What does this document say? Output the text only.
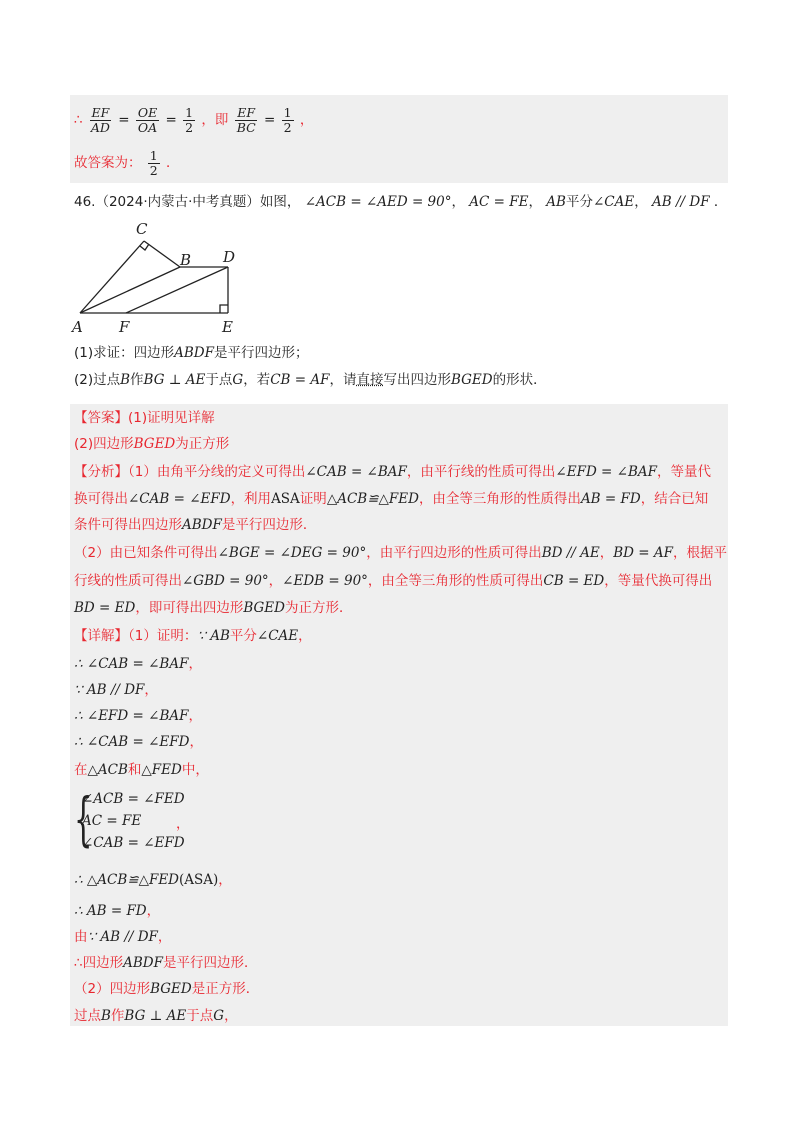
∴ $\frac{EF}{AD} = \frac{OE}{OA} = \frac{1}{2}$ ，即 $\frac{EF}{BC} = \frac{1}{2}$ ，
故答案为： $\frac{1}{2}$ ．
46.（2024·内蒙古·中考真题）如图， ∠ACB = ∠AED = 90°， AC = FE， AB平分∠CAE， AB // DF ．
C
B D
A F	E
(1)求证：四边形ABDF是平行四边形；
(2)过点B作BG ⊥ AE于点G，若CB = AF，请直接写出四边形BGED的形状．
【答案】(1)证明见详解
(2)四边形BGED为正方形
【分析】（1）由角平分线的定义可得出∠CAB = ∠BAF，由平行线的性质可得出∠EFD = ∠BAF，等量代
换可得出∠CAB = ∠EFD，利用ASA证明△ACB≌△FED，由全等三角形的性质得出AB = FD，结合已知
条件可得出四边形ABDF是平行四边形．
（2）由已知条件可得出∠BGE = ∠DEG = 90°，由平行四边形的性质可得出BD // AE，BD = AF，根据平
行线的性质可得出∠GBD = 90°，∠EDB = 90°，由全等三角形的性质可得出CB = ED，等量代换可得出
BD = ED，即可得出四边形BGED为正方形．
【详解】（1）证明：∵ AB平分∠CAE，
∴ ∠CAB = ∠BAF，
∵ AB // DF，
∴ ∠EFD = ∠BAF，
∴ ∠CAB = ∠EFD，
在△ACB和△FED中，
{
∠ACB = ∠FED
AC = FE
∠CAB = ∠EFD
，
∴ △ACB≌△FED(ASA)，
∴ AB = FD，
由∵ AB // DF，
∴四边形ABDF是平行四边形．
（2）四边形BGED是正方形．
过点B作BG ⊥ AE于点G，
